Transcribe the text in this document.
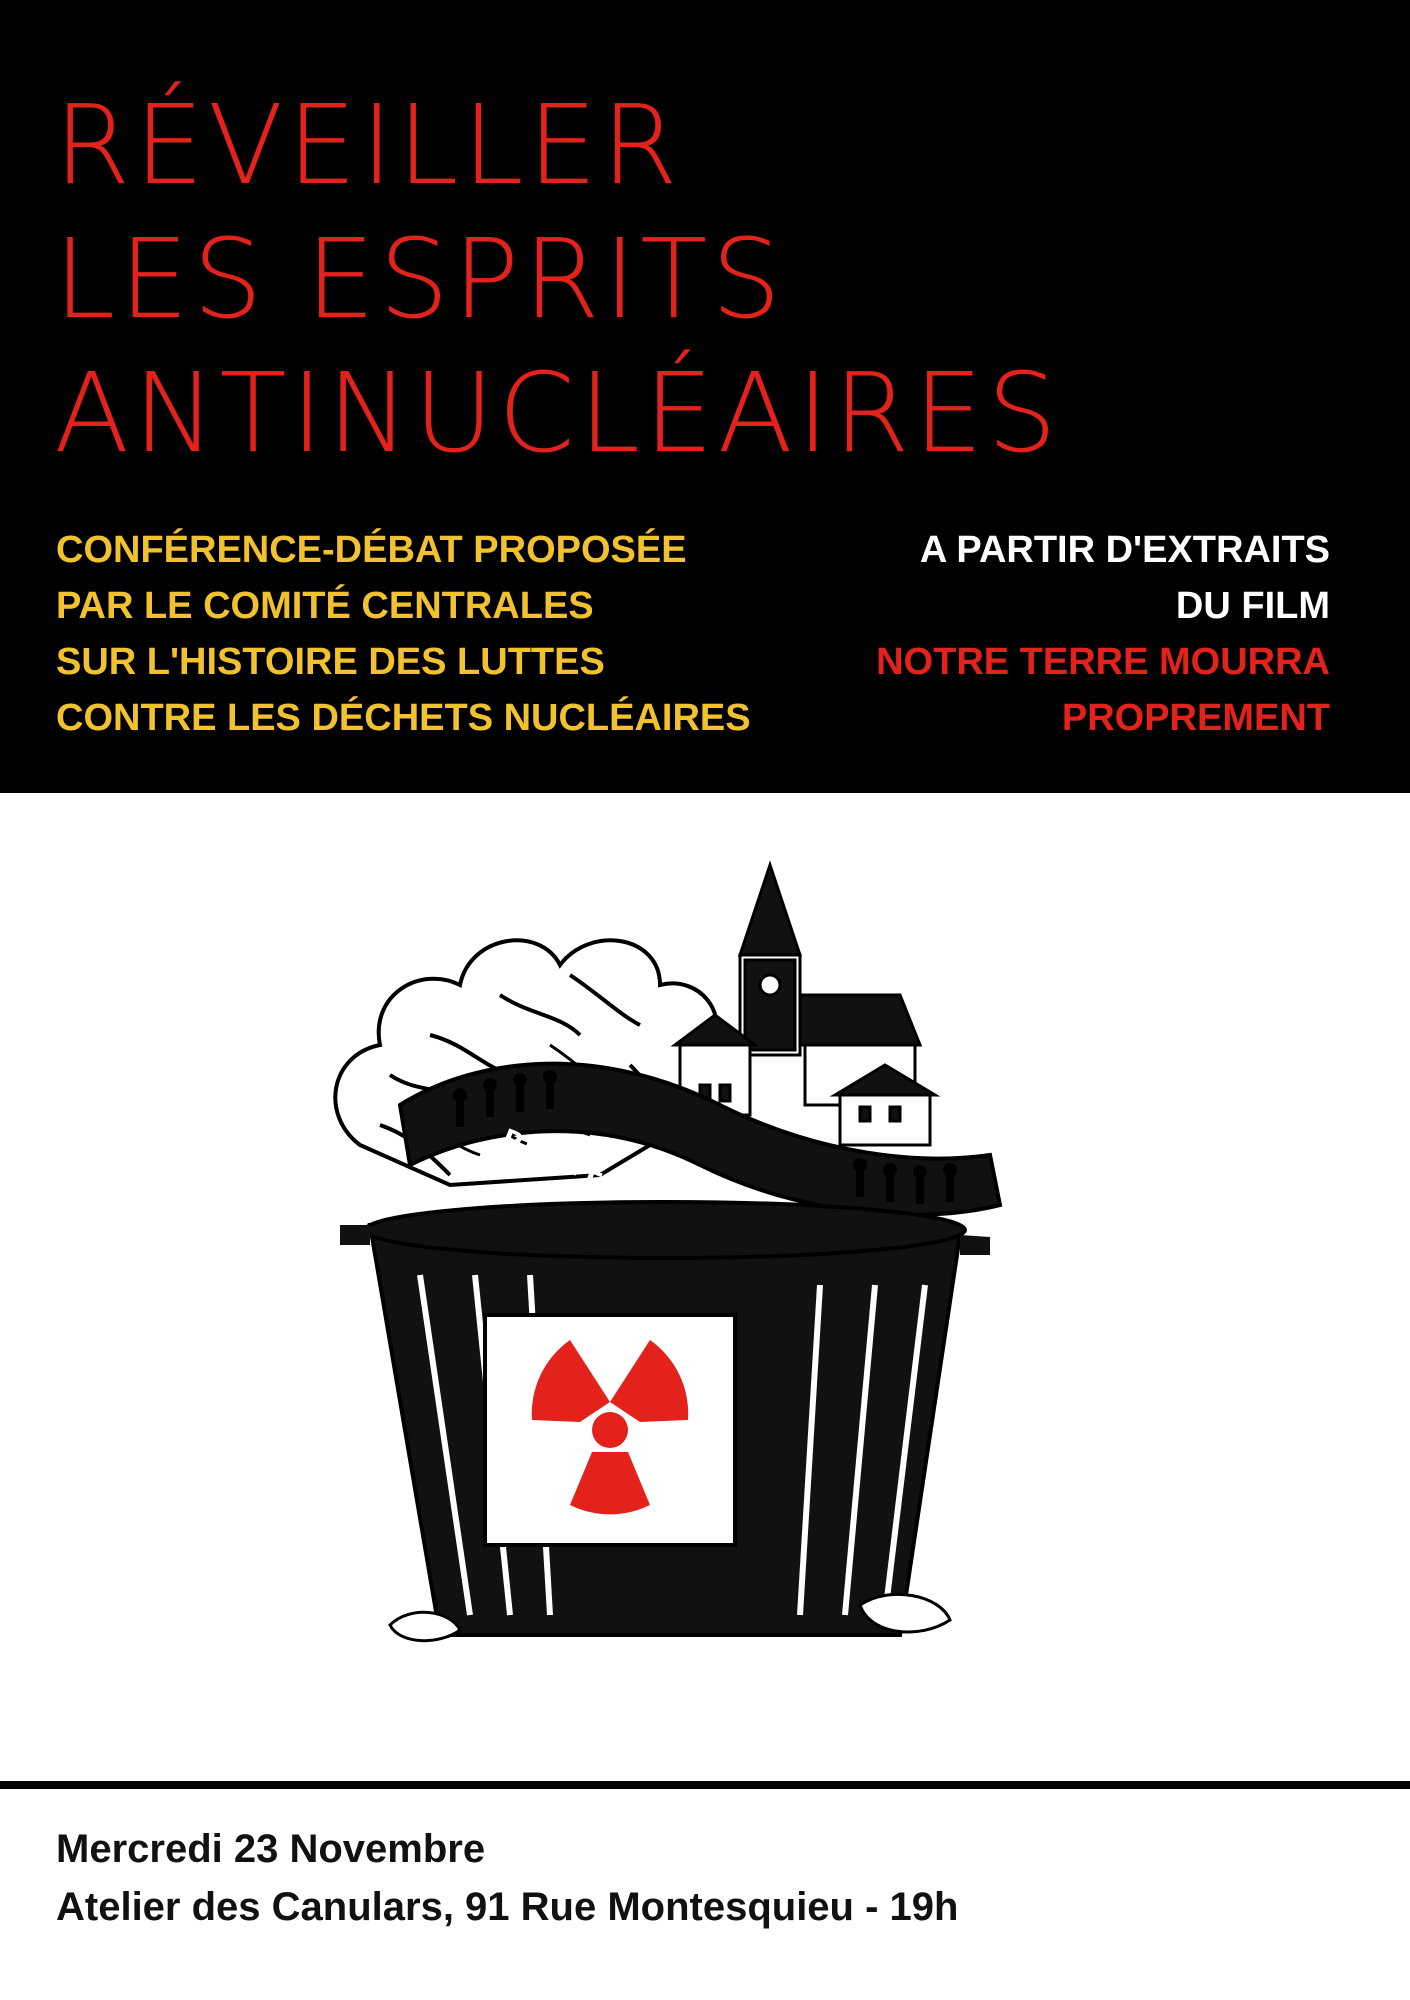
RÉVEILLER
LES ESPRITS
ANTINUCLÉAIRES
CONFÉRENCE-DÉBAT PROPOSÉE
PAR LE COMITÉ CENTRALES
SUR L'HISTOIRE DES LUTTES
CONTRE LES DÉCHETS NUCLÉAIRES
A PARTIR D'EXTRAITS
DU FILM
NOTRE TERRE MOURRA
PROPREMENT
Mercredi 23 Novembre
Atelier des Canulars, 91 Rue Montesquieu - 19h
